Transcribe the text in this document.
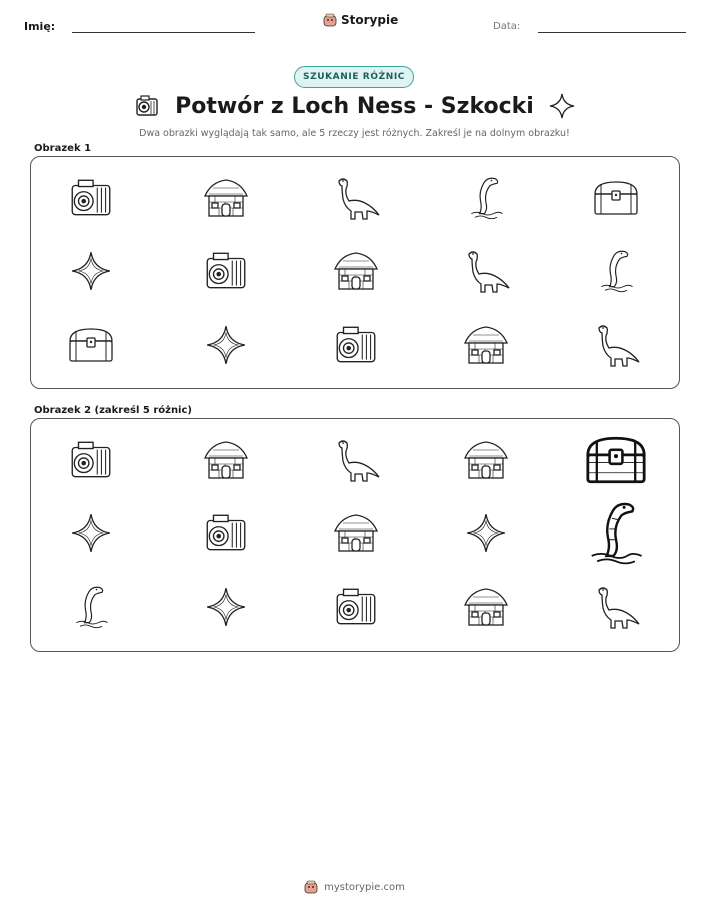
Imię:	Storypie	Data:
SZUKANIE RÓŻNIC
Potwór z Loch Ness - Szkocki
Dwa obrazki wyglądają tak samo, ale 5 rzeczy jest różnych. Zakreśl je na dolnym obrazku!
Obrazek 1
Obrazek 2 (zakreśl 5 różnic)
mystorypie.com
